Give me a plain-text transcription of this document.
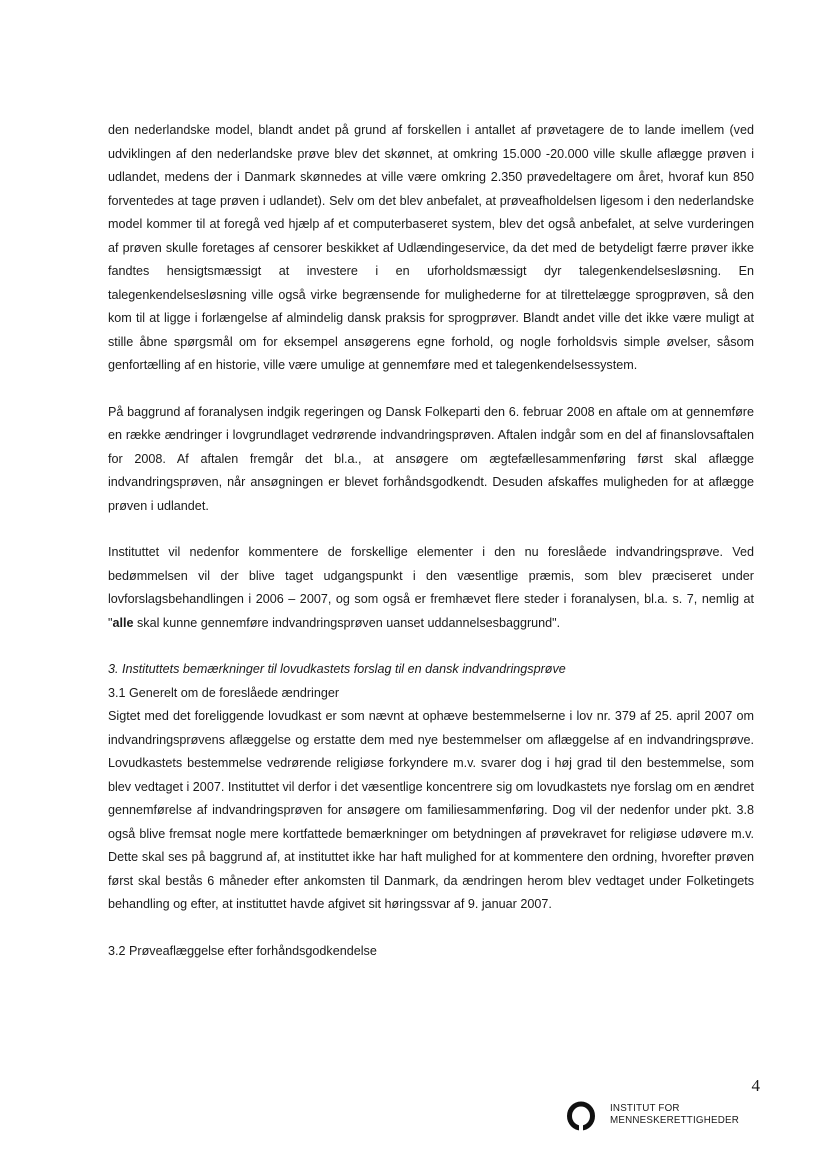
den nederlandske model, blandt andet på grund af forskellen i antallet af prøvetagere de to lande imellem (ved udviklingen af den nederlandske prøve blev det skønnet, at omkring 15.000 -20.000 ville skulle aflægge prøven i udlandet, medens der i Danmark skønnedes at ville være omkring 2.350 prøvedeltagere om året, hvoraf kun 850 forventedes at tage prøven i udlandet). Selv om det blev anbefalet, at prøveafholdelsen ligesom i den nederlandske model kommer til at foregå ved hjælp af et computerbaseret system, blev det også anbefalet, at selve vurderingen af prøven skulle foretages af censorer beskikket af Udlændingeservice, da det med de betydeligt færre prøver ikke fandtes hensigtsmæssigt at investere i en uforholdsmæssigt dyr talegenkendelsesløsning. En talegenkendelsesløsning ville også virke begrænsende for mulighederne for at tilrettelægge sprogprøven, så den kom til at ligge i forlængelse af almindelig dansk praksis for sprogprøver. Blandt andet ville det ikke være muligt at stille åbne spørgsmål om for eksempel ansøgerens egne forhold, og nogle forholdsvis simple øvelser, såsom genfortælling af en historie, ville være umulige at gennemføre med et talegenkendelsessystem.

På baggrund af foranalysen indgik regeringen og Dansk Folkeparti den 6. februar 2008 en aftale om at gennemføre en række ændringer i lovgrundlaget vedrørende indvandringsprøven. Aftalen indgår som en del af finanslovsaftalen for 2008. Af aftalen fremgår det bl.a., at ansøgere om ægtefællesammenføring først skal aflægge indvandringsprøven, når ansøgningen er blevet forhåndsgodkendt. Desuden afskaffes muligheden for at aflægge prøven i udlandet.

Instituttet vil nedenfor kommentere de forskellige elementer i den nu foreslåede indvandringsprøve. Ved bedømmelsen vil der blive taget udgangspunkt i den væsentlige præmis, som blev præciseret under lovforslagsbehandlingen i 2006 – 2007, og som også er fremhævet flere steder i foranalysen, bl.a. s. 7, nemlig at "alle skal kunne gennemføre indvandringsprøven uanset uddannelsesbaggrund".

3. Instituttets bemærkninger til lovudkastets forslag til en dansk indvandringsprøve

3.1 Generelt om de foreslåede ændringer

Sigtet med det foreliggende lovudkast er som nævnt at ophæve bestemmelserne i lov nr. 379 af 25. april 2007 om indvandringsprøvens aflæggelse og erstatte dem med nye bestemmelser om aflæggelse af en indvandringsprøve. Lovudkastets bestemmelse vedrørende religiøse forkyndere m.v. svarer dog i høj grad til den bestemmelse, som blev vedtaget i 2007. Instituttet vil derfor i det væsentlige koncentrere sig om lovudkastets nye forslag om en ændret gennemførelse af indvandringsprøven for ansøgere om familiesammenføring. Dog vil der nedenfor under pkt. 3.8 også blive fremsat nogle mere kortfattede bemærkninger om betydningen af prøvekravet for religiøse udøvere m.v. Dette skal ses på baggrund af, at instituttet ikke har haft mulighed for at kommentere den ordning, hvorefter prøven først skal bestås 6 måneder efter ankomsten til Danmark, da ændringen herom blev vedtaget under Folketingets behandling og efter, at instituttet havde afgivet sit høringssvar af 9. januar 2007.

3.2 Prøveaflæggelse efter forhåndsgodkendelse

4
INSTITUT FOR
MENNESKERETTIGHEDER
